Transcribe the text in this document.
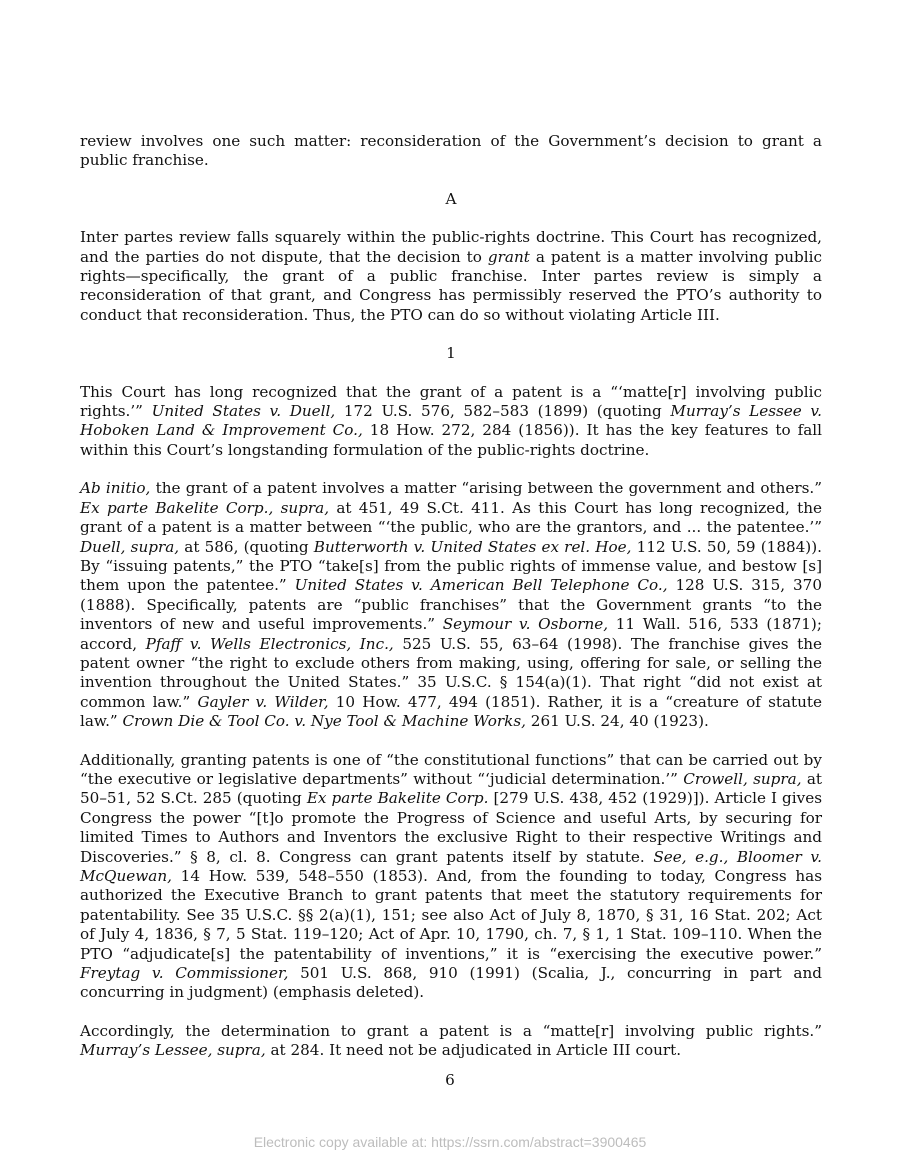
review involves one such matter: reconsideration of the Government’s decision to grant a public franchise.

A

Inter partes review falls squarely within the public-rights doctrine. This Court has recognized, and the parties do not dispute, that the decision to grant a patent is a matter involving public rights—specifically, the grant of a public franchise. Inter partes review is simply a reconsideration of that grant, and Congress has permissibly reserved the PTO’s authority to conduct that reconsideration. Thus, the PTO can do so without violating Article III.

1

This Court has long recognized that the grant of a patent is a “‘matte[r] involving public rights.’” United States v. Duell, 172 U.S. 576, 582–583 (1899) (quoting Murray’s Lessee v. Hoboken Land & Improvement Co., 18 How. 272, 284 (1856)). It has the key features to fall within this Court’s longstanding formulation of the public-rights doctrine.

Ab initio, the grant of a patent involves a matter “arising between the government and others.” Ex parte Bakelite Corp., supra, at 451, 49 S.Ct. 411. As this Court has long recognized, the grant of a patent is a matter between “‘the public, who are the grantors, and ... the patentee.’” Duell, supra, at 586, (quoting Butterworth v. United States ex rel. Hoe, 112 U.S. 50, 59 (1884)). By “issuing patents,” the PTO “take[s] from the public rights of immense value, and bestow [s] them upon the patentee.” United States v. American Bell Telephone Co., 128 U.S. 315, 370 (1888). Specifically, patents are “public franchises” that the Government grants “to the inventors of new and useful improvements.” Seymour v. Osborne, 11 Wall. 516, 533 (1871); accord, Pfaff v. Wells Electronics, Inc., 525 U.S. 55, 63–64 (1998). The franchise gives the patent owner “the right to exclude others from making, using, offering for sale, or selling the invention throughout the United States.” 35 U.S.C. § 154(a)(1). That right “did not exist at common law.” Gayler v. Wilder, 10 How. 477, 494 (1851). Rather, it is a “creature of statute law.” Crown Die & Tool Co. v. Nye Tool & Machine Works, 261 U.S. 24, 40 (1923).

Additionally, granting patents is one of “the constitutional functions” that can be carried out by “the executive or legislative departments” without “‘judicial determination.’” Crowell, supra, at 50–51, 52 S.Ct. 285 (quoting Ex parte Bakelite Corp. [279 U.S. 438, 452 (1929)]). Article I gives Congress the power “[t]o promote the Progress of Science and useful Arts, by securing for limited Times to Authors and Inventors the exclusive Right to their respective Writings and Discoveries.” § 8, cl. 8. Congress can grant patents itself by statute. See, e.g., Bloomer v. McQuewan, 14 How. 539, 548–550 (1853). And, from the founding to today, Congress has authorized the Executive Branch to grant patents that meet the statutory requirements for patentability. See 35 U.S.C. §§ 2(a)(1), 151; see also Act of July 8, 1870, § 31, 16 Stat. 202; Act of July 4, 1836, § 7, 5 Stat. 119–120; Act of Apr. 10, 1790, ch. 7, § 1, 1 Stat. 109–110. When the PTO “adjudicate[s] the patentability of inventions,” it is “exercising the executive power.” Freytag v. Commissioner, 501 U.S. 868, 910 (1991) (Scalia, J., concurring in part and concurring in judgment) (emphasis deleted).

Accordingly, the determination to grant a patent is a “matte[r] involving public rights.” Murray’s Lessee, supra, at 284. It need not be adjudicated in Article III court.

6
Electronic copy available at: https://ssrn.com/abstract=3900465
